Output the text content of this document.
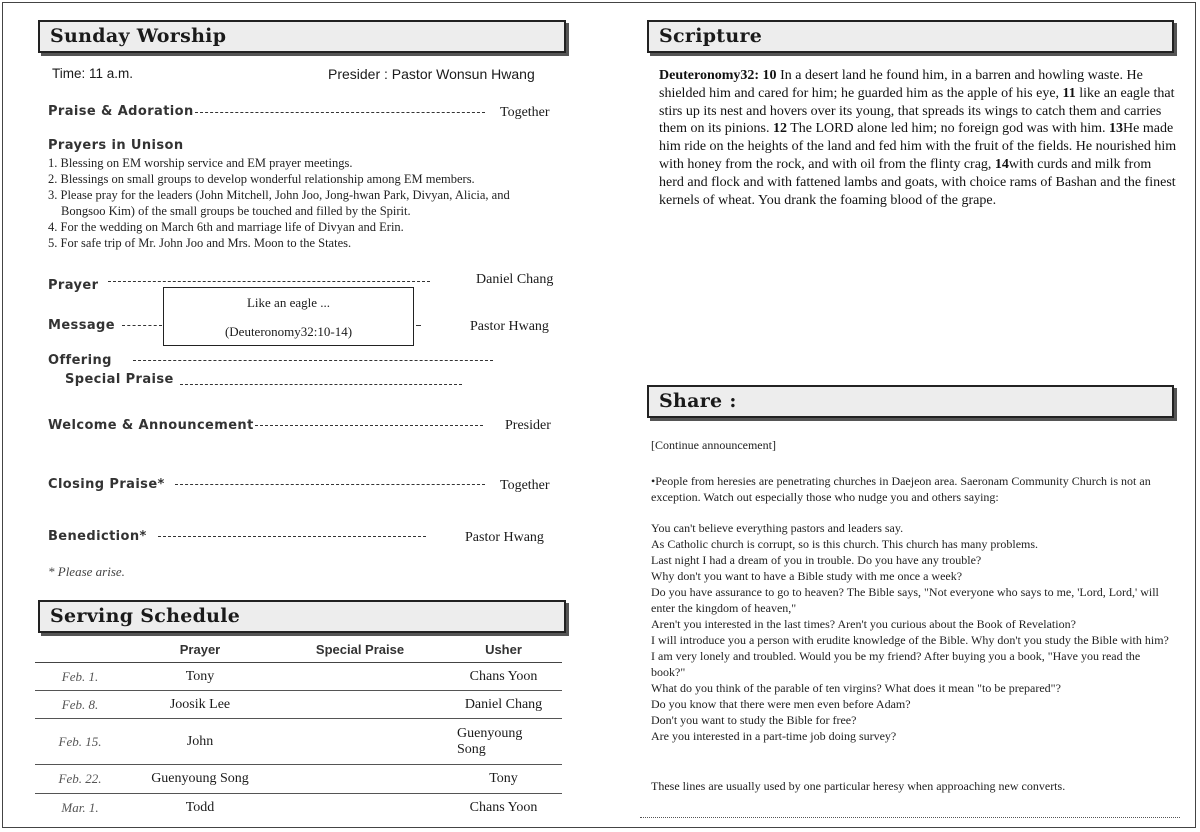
Sunday Worship
Time: 11 a.m.	Presider : Pastor Wonsun Hwang
Praise & Adoration	Together
Prayers in Unison

1. Blessing on EM worship service and EM prayer meetings.

2. Blessings on small groups to develop wonderful relationship among EM members.

3. Please pray for the leaders (John Mitchell, John Joo, Jong-hwan Park, Divyan, Alicia, and

Bongsoo Kim) of the small groups be touched and filled by the Spirit.

4. For the wedding on March 6th and marriage life of Divyan and Erin.

5. For safe trip of Mr. John Joo and Mrs. Moon to the States.

Prayer	Daniel Chang
Message	Pastor Hwang
Like an eagle ...
(Deuteronomy32:10-14)
Offering
Special Praise
Welcome & Announcement	Presider
Closing Praise*	Together
Benediction*	Pastor Hwang
* Please arise.
Serving Schedule
	Prayer	Special Praise	Usher
Feb. 1.	Tony		Chans Yoon
Feb. 8.	Joosik Lee		Daniel Chang
Feb. 15.	John		Guenyoung Song
Feb. 22.	Guenyoung Song		Tony
Mar. 1.	Todd		Chans Yoon
Scripture
Deuteronomy32: 10 In a desert land he found him, in a barren and howling waste. He shielded him and cared for him; he guarded him as the apple of his eye, 11 like an eagle that stirs up its nest and hovers over its young, that spreads its wings to catch them and carries them on its pinions. 12 The LORD alone led him; no foreign god was with him. 13He made him ride on the heights of the land and fed him with the fruit of the fields. He nourished him with honey from the rock, and with oil from the flinty crag, 14with curds and milk from herd and flock and with fattened lambs and goats, with choice rams of Bashan and the finest kernels of wheat. You drank the foaming blood of the grape.
Share :
[Continue announcement]
•People from heresies are penetrating churches in Daejeon area. Saeronam Community Church is not an exception. Watch out especially those who nudge you and others saying:
You can't believe everything pastors and leaders say.
As Catholic church is corrupt, so is this church. This church has many problems.
Last night I had a dream of you in trouble. Do you have any trouble?
Why don't you want to have a Bible study with me once a week?
Do you have assurance to go to heaven? The Bible says, "Not everyone who says to me, 'Lord, Lord,' will enter the kingdom of heaven,"
Aren't you interested in the last times? Aren't you curious about the Book of Revelation?
I will introduce you a person with erudite knowledge of the Bible. Why don't you study the Bible with him?
I am very lonely and troubled. Would you be my friend? After buying you a book, "Have you read the book?"
What do you think of the parable of ten virgins? What does it mean "to be prepared"?
Do you know that there were men even before Adam?
Don't you want to study the Bible for free?
Are you interested in a part-time job doing survey?
These lines are usually used by one particular heresy when approaching new converts.
